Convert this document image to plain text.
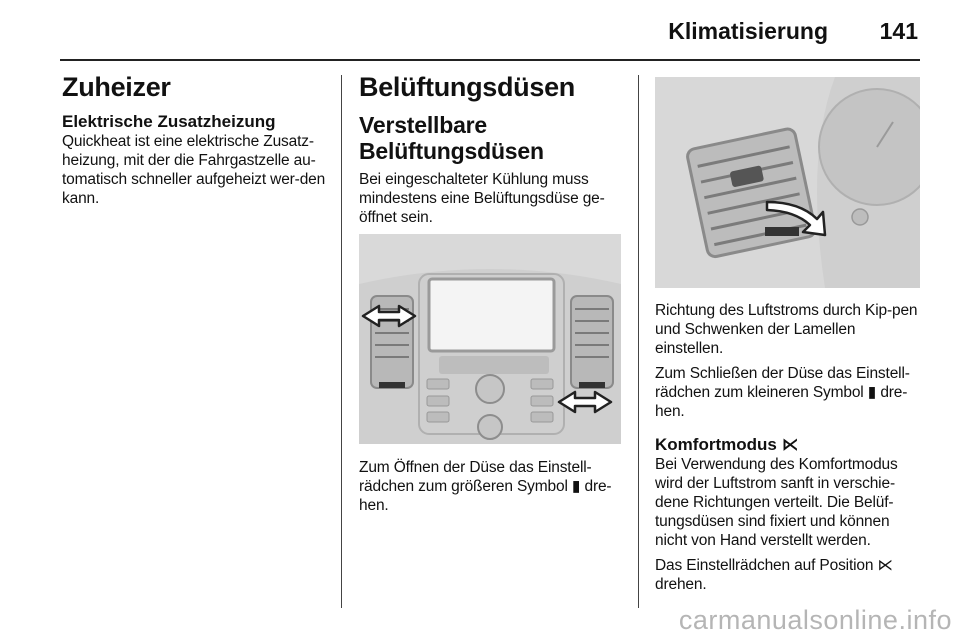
Klimatisierung 141
Zuheizer
Elektrische Zusatzheizung

Quickheat ist eine elektrische Zusatz-heizung, mit der die Fahrgastzelle au-tomatisch schneller aufgeheizt wer-den kann.

Belüftungsdüsen
Verstellbare
Belüftungsdüsen

Bei eingeschalteter Kühlung muss mindestens eine Belüftungsdüse ge-öffnet sein.

Zum Öffnen der Düse das Einstell-rädchen zum größeren Symbol ▮ dre-hen.

Richtung des Luftstroms durch Kip-pen und Schwenken der Lamellen einstellen.

Zum Schließen der Düse das Einstell-rädchen zum kleineren Symbol ▮ dre-hen.

Komfortmodus ⋉

Bei Verwendung des Komfortmodus wird der Luftstrom sanft in verschie-dene Richtungen verteilt. Die Belüf-tungsdüsen sind fixiert und können nicht von Hand verstellt werden.

Das Einstellrädchen auf Position ⋉
drehen.

carmanualsonline.info
